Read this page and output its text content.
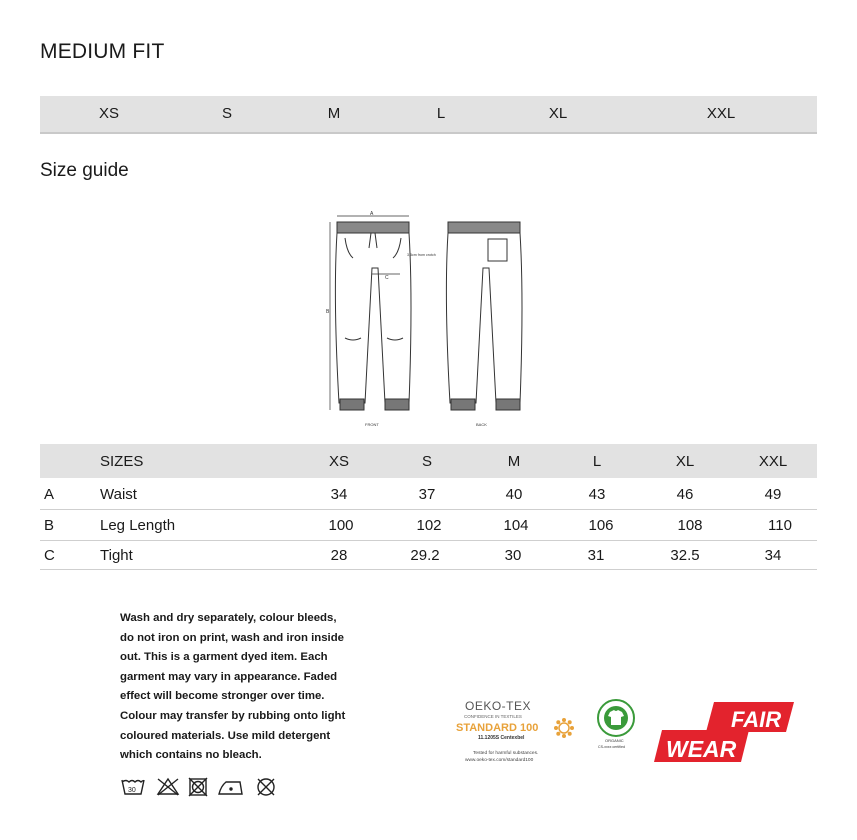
MEDIUM FIT
XS	S	M	L	XL	XXL
Size guide
A
B
C
3,5cm from crotch
FRONT	BACK
SIZES	XS	S	M	L	XL	XXL
A	Waist	34	37	40	43	46	49
B	Leg Length	100	102	104	106	108	110
C	Tight	28	29.2	30	31	32.5	34
Wash and dry separately, colour bleeds,
do not iron on print, wash and iron inside
out. This is a garment dyed item. Each
garment may vary in appearance. Faded
effect will become stronger over time.
Colour may transfer by rubbing onto light
coloured materials. Use mild detergent
which contains no bleach.
30
OEKO-TEX
CONFIDENCE IN TEXTILES
STANDARD 100
11.1205S Centexbel
Tested for harmful substances.
www.oeko-tex.com/standard100
ORGANIC
CS-xxxx certified
FAIR
WEAR
